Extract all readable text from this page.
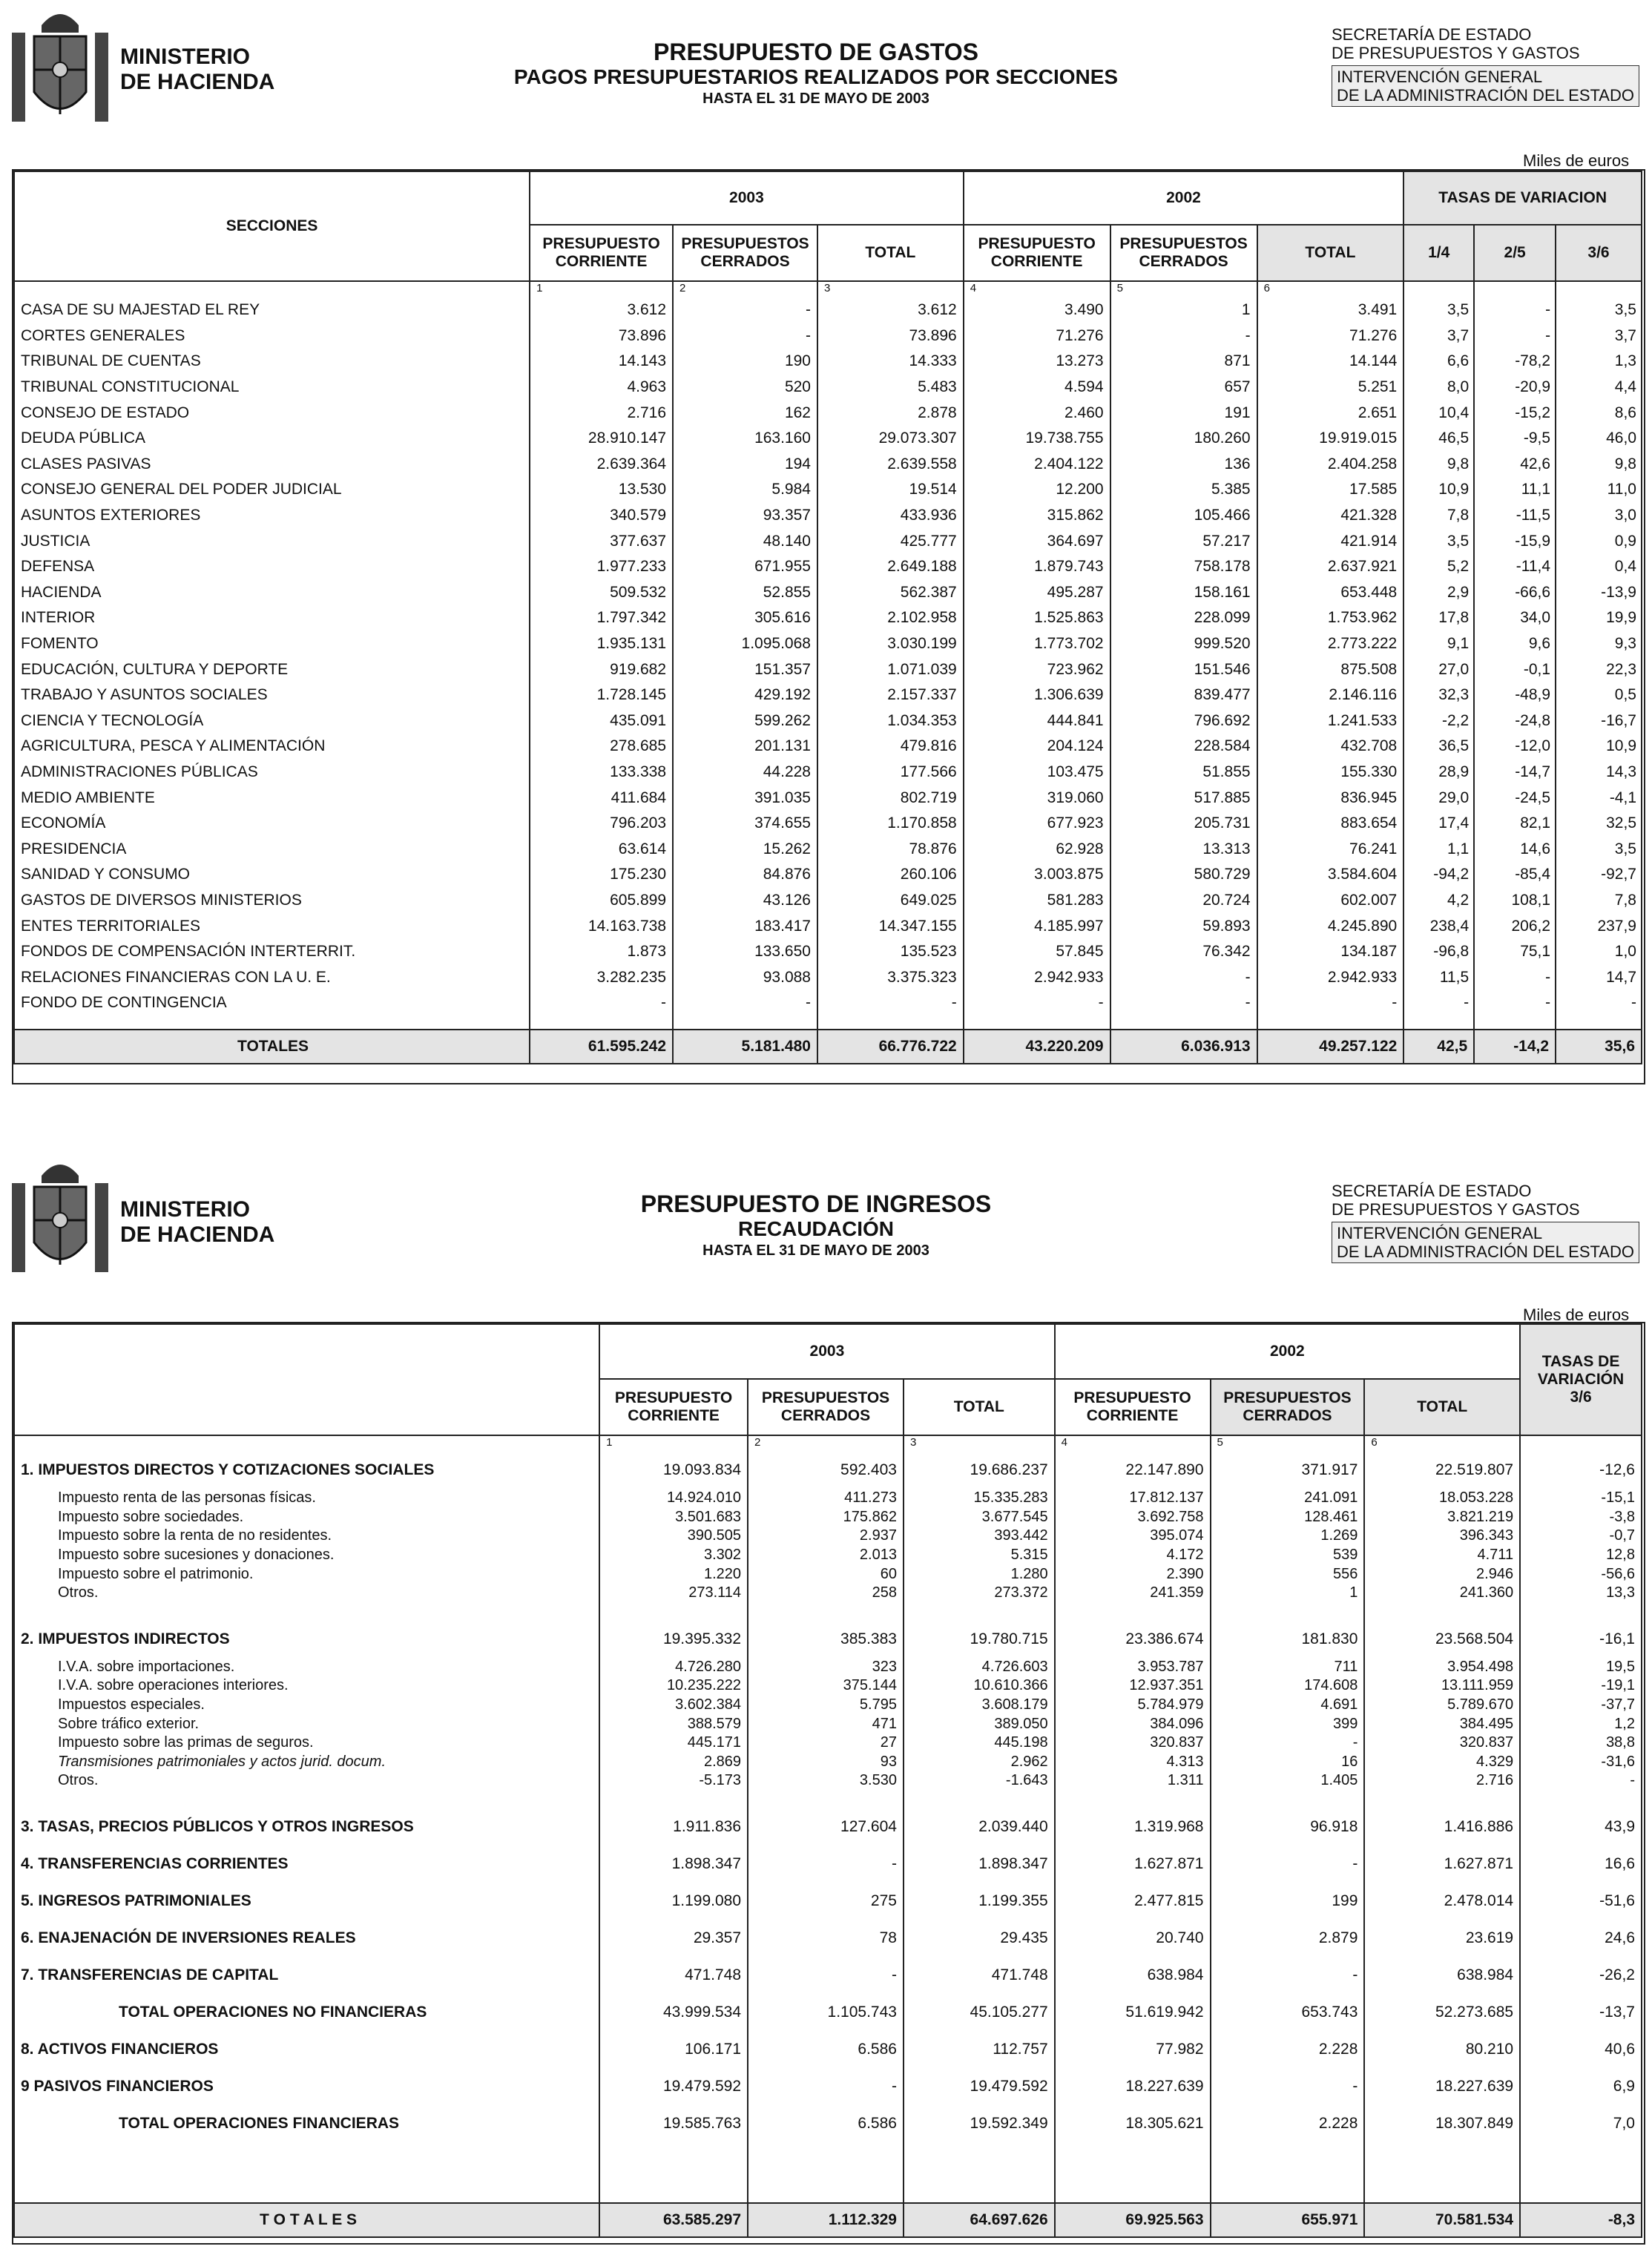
MINISTERIO
DE HACIENDA
PRESUPUESTO DE GASTOS
PAGOS PRESUPUESTARIOS REALIZADOS POR SECCIONES
HASTA EL 31 DE MAYO DE 2003
SECRETARÍA DE ESTADO
DE PRESUPUESTOS Y GASTOS
INTERVENCIÓN GENERAL
DE LA ADMINISTRACIÓN DEL ESTADO
Miles de euros
SECCIONES	2003			2002			TASAS DE VARIACION		
	PRESUPUESTO CORRIENTE	PRESUPUESTOS CERRADOS	TOTAL	PRESUPUESTO CORRIENTE	PRESUPUESTOS CERRADOS	TOTAL	1/4	2/5	3/6
	1	2	3	4	5	6			
CASA DE SU MAJESTAD EL REY	3.612	-	3.612	3.490	1	3.491	3,5	-	3,5
CORTES GENERALES	73.896	-	73.896	71.276	-	71.276	3,7	-	3,7
TRIBUNAL DE CUENTAS	14.143	190	14.333	13.273	871	14.144	6,6	-78,2	1,3
TRIBUNAL CONSTITUCIONAL	4.963	520	5.483	4.594	657	5.251	8,0	-20,9	4,4
CONSEJO DE ESTADO	2.716	162	2.878	2.460	191	2.651	10,4	-15,2	8,6
DEUDA PÚBLICA	28.910.147	163.160	29.073.307	19.738.755	180.260	19.919.015	46,5	-9,5	46,0
CLASES PASIVAS	2.639.364	194	2.639.558	2.404.122	136	2.404.258	9,8	42,6	9,8
CONSEJO GENERAL DEL PODER JUDICIAL	13.530	5.984	19.514	12.200	5.385	17.585	10,9	11,1	11,0
ASUNTOS EXTERIORES	340.579	93.357	433.936	315.862	105.466	421.328	7,8	-11,5	3,0
JUSTICIA	377.637	48.140	425.777	364.697	57.217	421.914	3,5	-15,9	0,9
DEFENSA	1.977.233	671.955	2.649.188	1.879.743	758.178	2.637.921	5,2	-11,4	0,4
HACIENDA	509.532	52.855	562.387	495.287	158.161	653.448	2,9	-66,6	-13,9
INTERIOR	1.797.342	305.616	2.102.958	1.525.863	228.099	1.753.962	17,8	34,0	19,9
FOMENTO	1.935.131	1.095.068	3.030.199	1.773.702	999.520	2.773.222	9,1	9,6	9,3
EDUCACIÓN, CULTURA Y DEPORTE	919.682	151.357	1.071.039	723.962	151.546	875.508	27,0	-0,1	22,3
TRABAJO Y ASUNTOS SOCIALES	1.728.145	429.192	2.157.337	1.306.639	839.477	2.146.116	32,3	-48,9	0,5
CIENCIA Y TECNOLOGÍA	435.091	599.262	1.034.353	444.841	796.692	1.241.533	-2,2	-24,8	-16,7
AGRICULTURA, PESCA Y ALIMENTACIÓN	278.685	201.131	479.816	204.124	228.584	432.708	36,5	-12,0	10,9
ADMINISTRACIONES PÚBLICAS	133.338	44.228	177.566	103.475	51.855	155.330	28,9	-14,7	14,3
MEDIO AMBIENTE	411.684	391.035	802.719	319.060	517.885	836.945	29,0	-24,5	-4,1
ECONOMÍA	796.203	374.655	1.170.858	677.923	205.731	883.654	17,4	82,1	32,5
PRESIDENCIA	63.614	15.262	78.876	62.928	13.313	76.241	1,1	14,6	3,5
SANIDAD Y CONSUMO	175.230	84.876	260.106	3.003.875	580.729	3.584.604	-94,2	-85,4	-92,7
GASTOS DE DIVERSOS MINISTERIOS	605.899	43.126	649.025	581.283	20.724	602.007	4,2	108,1	7,8
ENTES TERRITORIALES	14.163.738	183.417	14.347.155	4.185.997	59.893	4.245.890	238,4	206,2	237,9
FONDOS DE COMPENSACIÓN INTERTERRIT.	1.873	133.650	135.523	57.845	76.342	134.187	-96,8	75,1	1,0
RELACIONES FINANCIERAS CON LA U. E.	3.282.235	93.088	3.375.323	2.942.933	-	2.942.933	11,5	-	14,7
FONDO DE CONTINGENCIA	-	-	-	-	-	-	-	-	-

TOTALES	61.595.242	5.181.480	66.776.722	43.220.209	6.036.913	49.257.122	42,5	-14,2	35,6
MINISTERIO
DE HACIENDA
PRESUPUESTO DE INGRESOS
RECAUDACIÓN
HASTA EL 31 DE MAYO DE 2003
SECRETARÍA DE ESTADO
DE PRESUPUESTOS Y GASTOS
INTERVENCIÓN GENERAL
DE LA ADMINISTRACIÓN DEL ESTADO
Miles de euros
	2003			2002			TASAS DE VARIACIÓN 3/6
	PRESUPUESTO CORRIENTE	PRESUPUESTOS CERRADOS	TOTAL	PRESUPUESTO CORRIENTE	PRESUPUESTOS CERRADOS	TOTAL	
	1	2	3	4	5	6	
1. IMPUESTOS DIRECTOS Y COTIZACIONES SOCIALES	19.093.834	592.403	19.686.237	22.147.890	371.917	22.519.807	-12,6
Impuesto renta de las personas físicas.	14.924.010	411.273	15.335.283	17.812.137	241.091	18.053.228	-15,1
Impuesto sobre sociedades.	3.501.683	175.862	3.677.545	3.692.758	128.461	3.821.219	-3,8
Impuesto sobre la renta de no residentes.	390.505	2.937	393.442	395.074	1.269	396.343	-0,7
Impuesto sobre sucesiones y donaciones.	3.302	2.013	5.315	4.172	539	4.711	12,8
Impuesto sobre el patrimonio.	1.220	60	1.280	2.390	556	2.946	-56,6
Otros.	273.114	258	273.372	241.359	1	241.360	13,3

2. IMPUESTOS INDIRECTOS	19.395.332	385.383	19.780.715	23.386.674	181.830	23.568.504	-16,1
I.V.A. sobre importaciones.	4.726.280	323	4.726.603	3.953.787	711	3.954.498	19,5
I.V.A. sobre operaciones interiores.	10.235.222	375.144	10.610.366	12.937.351	174.608	13.111.959	-19,1
Impuestos especiales.	3.602.384	5.795	3.608.179	5.784.979	4.691	5.789.670	-37,7
Sobre tráfico exterior.	388.579	471	389.050	384.096	399	384.495	1,2
Impuesto sobre las primas de seguros.	445.171	27	445.198	320.837	-	320.837	38,8
Transmisiones patrimoniales y actos jurid. docum.	2.869	93	2.962	4.313	16	4.329	-31,6
Otros.	-5.173	3.530	-1.643	1.311	1.405	2.716	-

3. TASAS, PRECIOS PÚBLICOS Y OTROS INGRESOS	1.911.836	127.604	2.039.440	1.319.968	96.918	1.416.886	43,9
4. TRANSFERENCIAS CORRIENTES	1.898.347	-	1.898.347	1.627.871	-	1.627.871	16,6
5. INGRESOS PATRIMONIALES	1.199.080	275	1.199.355	2.477.815	199	2.478.014	-51,6
6. ENAJENACIÓN DE INVERSIONES REALES	29.357	78	29.435	20.740	2.879	23.619	24,6
7. TRANSFERENCIAS DE CAPITAL	471.748	-	471.748	638.984	-	638.984	-26,2
TOTAL OPERACIONES NO FINANCIERAS	43.999.534	1.105.743	45.105.277	51.619.942	653.743	52.273.685	-13,7
8. ACTIVOS FINANCIEROS	106.171	6.586	112.757	77.982	2.228	80.210	40,6
9 PASIVOS FINANCIEROS	19.479.592	-	19.479.592	18.227.639	-	18.227.639	6,9
TOTAL OPERACIONES FINANCIERAS	19.585.763	6.586	19.592.349	18.305.621	2.228	18.307.849	7,0

T O T A L E S	63.585.297	1.112.329	64.697.626	69.925.563	655.971	70.581.534	-8,3
